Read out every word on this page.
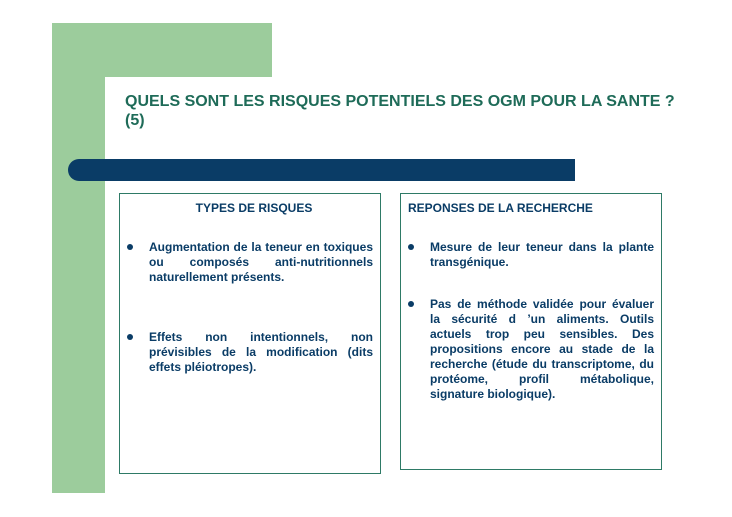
QUELS SONT LES RISQUES POTENTIELS DES OGM POUR LA SANTE ? (5)
TYPES DE RISQUES

Augmentation de la teneur en toxiques ou composés anti-nutritionnels naturellement présents.

Effets non intentionnels, non prévisibles de la modification (dits effets pléiotropes).

REPONSES DE LA RECHERCHE

Mesure de leur teneur dans la plante transgénique.

Pas de méthode validée pour évaluer la sécurité d ’un aliments. Outils actuels trop peu sensibles. Des propositions encore au stade de la recherche (étude du transcriptome, du protéome, profil métabolique, signature biologique).
